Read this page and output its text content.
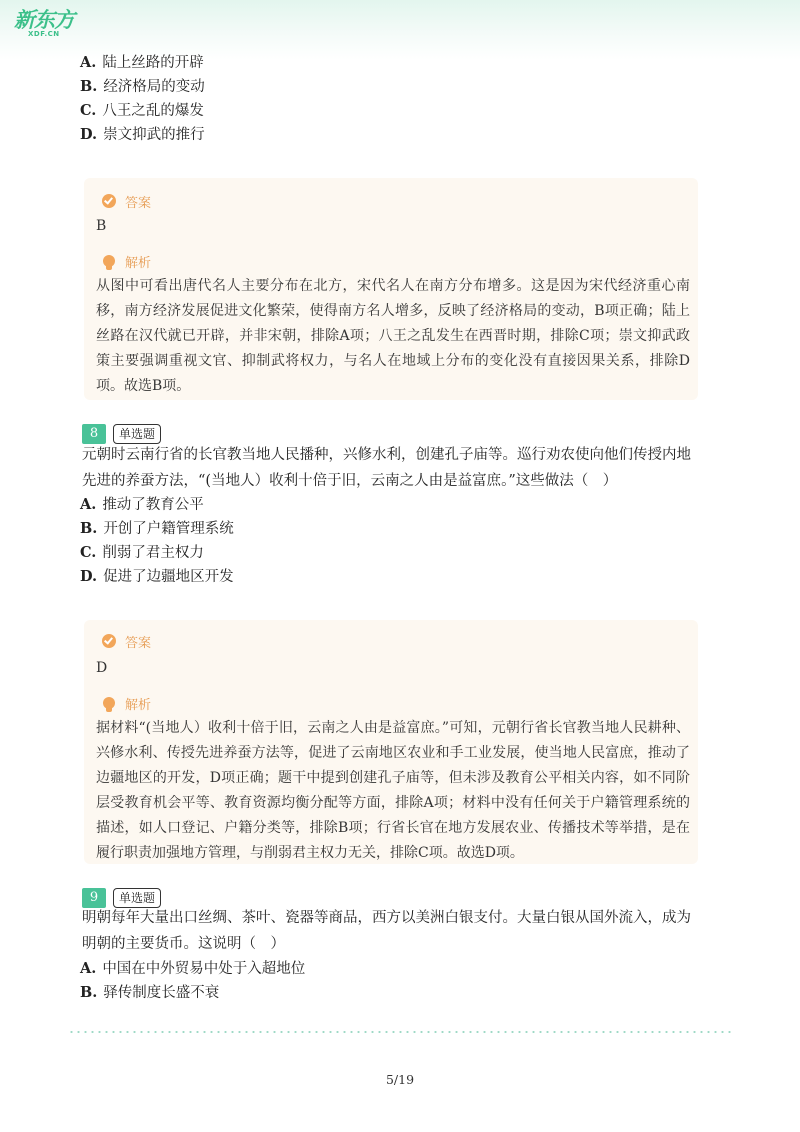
新东方
XDF.CN
A. 陆上丝路的开辟
B. 经济格局的变动
C. 八王之乱的爆发
D. 崇文抑武的推行
答案
B
解析

从图中可看出唐代名人主要分布在北方，宋代名人在南方分布增多。这是因为宋代经济重心南移，南方经济发展促进文化繁荣，使得南方名人增多，反映了经济格局的变动，B项正确；陆上丝路在汉代就已开辟，并非宋朝，排除A项；八王之乱发生在西晋时期，排除C项；崇文抑武政策主要强调重视文官、抑制武将权力，与名人在地域上分布的变化没有直接因果关系，排除D项。故选B项。

8	单选题

元朝时云南行省的长官教当地人民播种，兴修水利，创建孔子庙等。巡行劝农使向他们传授内地先进的养蚕方法，“(当地人）收利十倍于旧，云南之人由是益富庶。”这些做法（　）

A. 推动了教育公平
B. 开创了户籍管理系统
C. 削弱了君主权力
D. 促进了边疆地区开发
答案
D
解析

据材料“(当地人）收利十倍于旧，云南之人由是益富庶。”可知，元朝行省长官教当地人民耕种、兴修水利、传授先进养蚕方法等，促进了云南地区农业和手工业发展，使当地人民富庶，推动了边疆地区的开发，D项正确；题干中提到创建孔子庙等，但未涉及教育公平相关内容，如不同阶层受教育机会平等、教育资源均衡分配等方面，排除A项；材料中没有任何关于户籍管理系统的描述，如人口登记、户籍分类等，排除B项；行省长官在地方发展农业、传播技术等举措，是在履行职责加强地方管理，与削弱君主权力无关，排除C项。故选D项。

9	单选题

明朝每年大量出口丝绸、茶叶、瓷器等商品，西方以美洲白银支付。大量白银从国外流入，成为明朝的主要货币。这说明（　）

A. 中国在中外贸易中处于入超地位
B. 驿传制度长盛不衰
5/19
